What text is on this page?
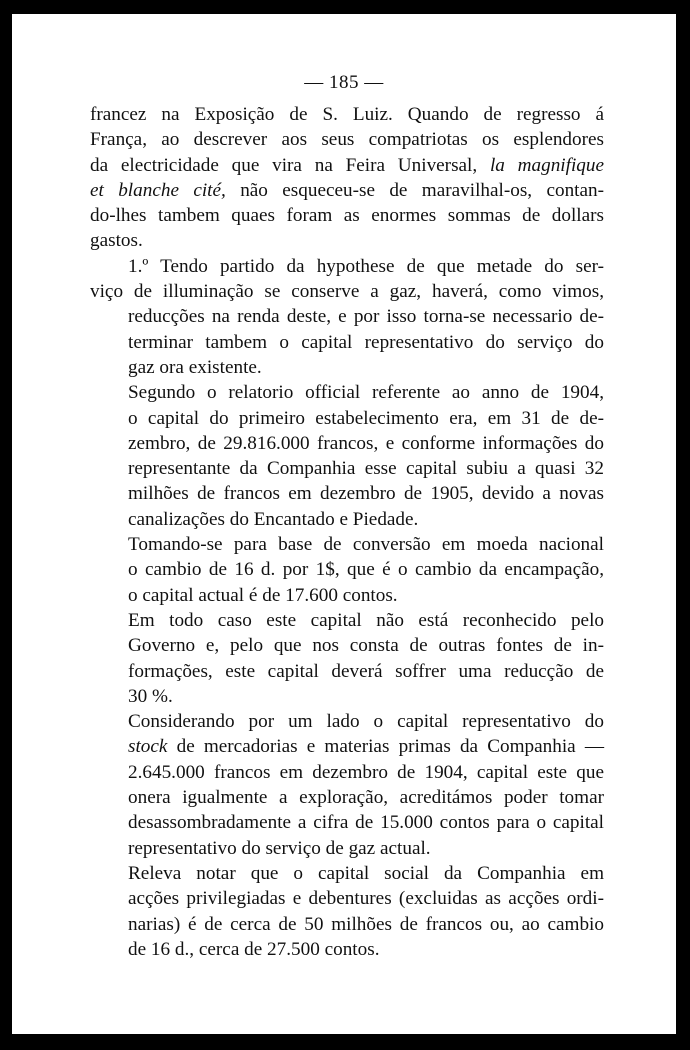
— 185 —

francez na Exposição de S. Luiz. Quando de regresso á
França, ao descrever aos seus compatriotas os esplendores
da electricidade que vira na Feira Universal, la magnifique
et blanche cité, não esqueceu-se de maravilhal-os, contan-
do-lhes tambem quaes foram as enormes sommas de dollars
gastos.

1.º Tendo partido da hypothese de que metade do ser-
viço de illuminação se conserve a gaz, haverá, como vimos,
reducções na renda deste, e por isso torna-se necessario de-
terminar tambem o capital representativo do serviço do
gaz ora existente.

Segundo o relatorio official referente ao anno de 1904,
o capital do primeiro estabelecimento era, em 31 de de-
zembro, de 29.816.000 francos, e conforme informações do
representante da Companhia esse capital subiu a quasi 32
milhões de francos em dezembro de 1905, devido a novas
canalizações do Encantado e Piedade.

Tomando-se para base de conversão em moeda nacional
o cambio de 16 d. por 1$, que é o cambio da encampação,
o capital actual é de 17.600 contos.

Em todo caso este capital não está reconhecido pelo
Governo e, pelo que nos consta de outras fontes de in-
formações, este capital deverá soffrer uma reducção de
30 %.

Considerando por um lado o capital representativo do
stock de mercadorias e materias primas da Companhia —
2.645.000 francos em dezembro de 1904, capital este que
onera igualmente a exploração, acreditámos poder tomar
desassombradamente a cifra de 15.000 contos para o capital
representativo do serviço de gaz actual.

Releva notar que o capital social da Companhia em
acções privilegiadas e debentures (excluidas as acções ordi-
narias) é de cerca de 50 milhões de francos ou, ao cambio
de 16 d., cerca de 27.500 contos.
